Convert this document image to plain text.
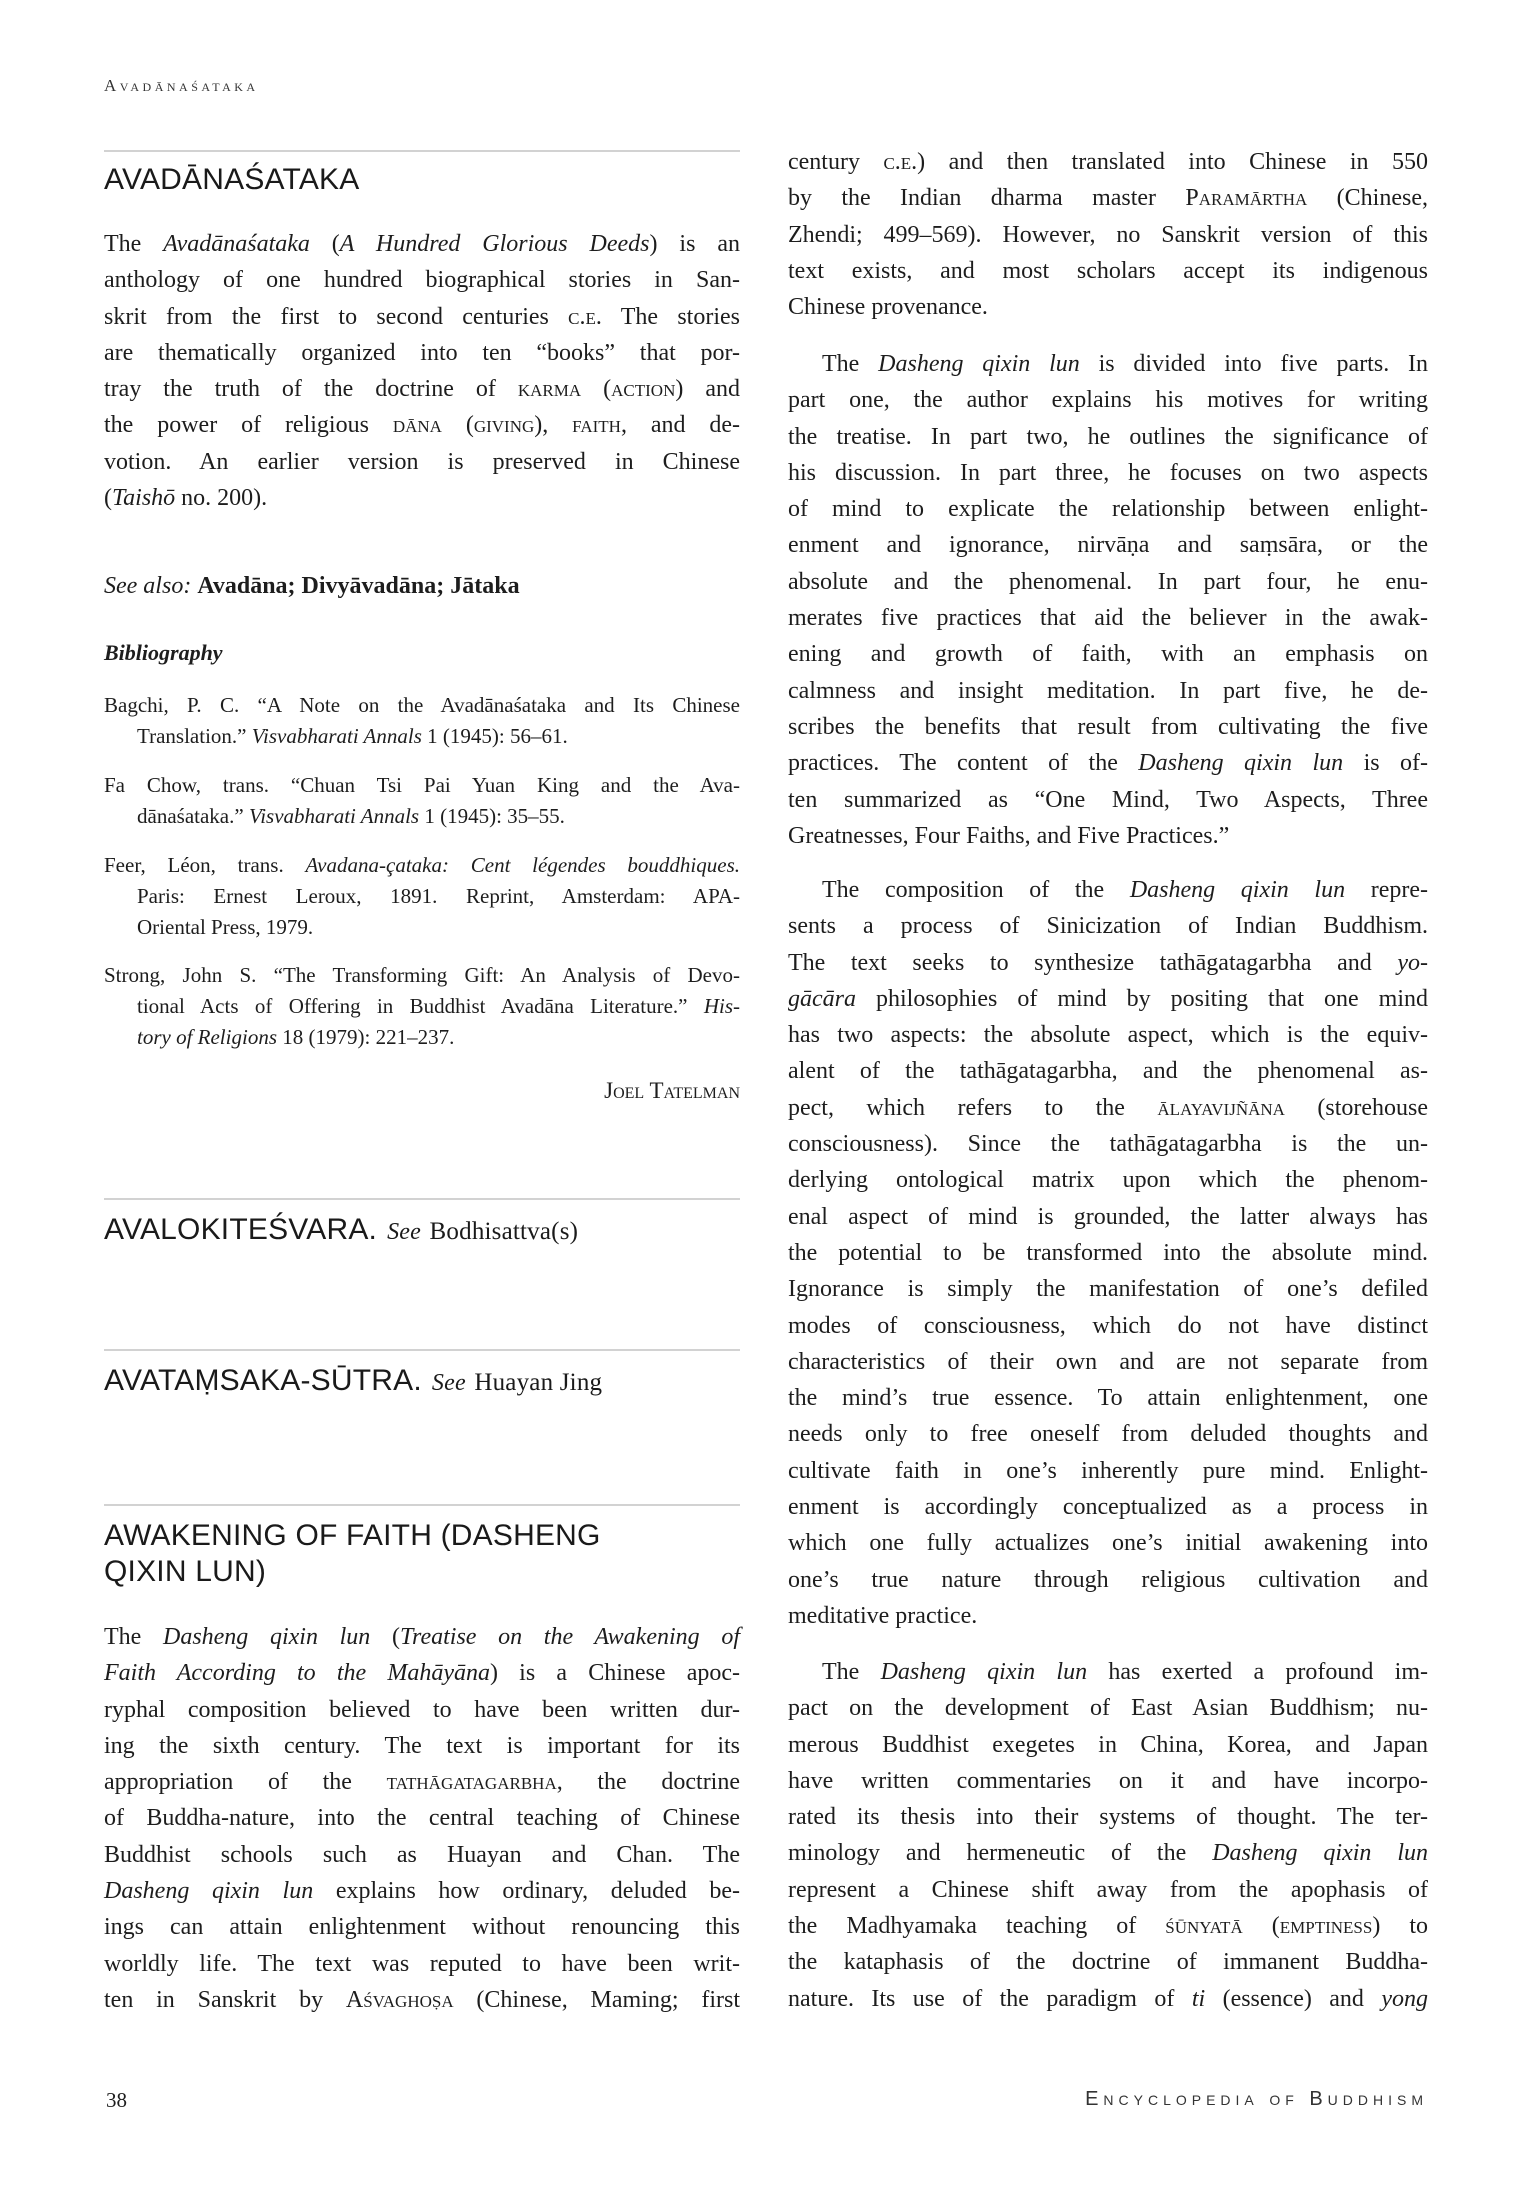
Avadānaśataka
AVADĀNAŚATAKA
The Avadānaśataka (A Hundred Glorious Deeds) is an
anthology of one hundred biographical stories in San-
skrit from the first to second centuries c.e. The stories
are thematically organized into ten “books” that por-
tray the truth of the doctrine of karma (action) and
the power of religious dāna (giving), faith, and de-
votion. An earlier version is preserved in Chinese
(Taishō no. 200).
See also: Avadāna; Divyāvadāna; Jātaka
Bibliography
Bagchi, P. C. “A Note on the Avadānaśataka and Its Chinese
Translation.” Visvabharati Annals 1 (1945): 56–61.
Fa Chow, trans. “Chuan Tsi Pai Yuan King and the Ava-
dānaśataka.” Visvabharati Annals 1 (1945): 35–55.
Feer, Léon, trans. Avadana-çataka: Cent légendes bouddhiques.
Paris: Ernest Leroux, 1891. Reprint, Amsterdam: APA-
Oriental Press, 1979.
Strong, John S. “The Transforming Gift: An Analysis of Devo-
tional Acts of Offering in Buddhist Avadāna Literature.” His-
tory of Religions 18 (1979): 221–237.
Joel Tatelman
AVALOKITEŚVARA. See Bodhisattva(s)
AVATAṂSAKA-SŪTRA. See Huayan Jing
AWAKENING OF FAITH (DASHENG
QIXIN LUN)
The Dasheng qixin lun (Treatise on the Awakening of
Faith According to the Mahāyāna) is a Chinese apoc-
ryphal composition believed to have been written dur-
ing the sixth century. The text is important for its
appropriation of the tathāgatagarbha, the doctrine
of Buddha-nature, into the central teaching of Chinese
Buddhist schools such as Huayan and Chan. The
Dasheng qixin lun explains how ordinary, deluded be-
ings can attain enlightenment without renouncing this
worldly life. The text was reputed to have been writ-
ten in Sanskrit by Aśvaghoṣa (Chinese, Maming; first
century c.e.) and then translated into Chinese in 550
by the Indian dharma master Paramārtha (Chinese,
Zhendi; 499–569). However, no Sanskrit version of this
text exists, and most scholars accept its indigenous
Chinese provenance.
The Dasheng qixin lun is divided into five parts. In
part one, the author explains his motives for writing
the treatise. In part two, he outlines the significance of
his discussion. In part three, he focuses on two aspects
of mind to explicate the relationship between enlight-
enment and ignorance, nirvāṇa and saṃsāra, or the
absolute and the phenomenal. In part four, he enu-
merates five practices that aid the believer in the awak-
ening and growth of faith, with an emphasis on
calmness and insight meditation. In part five, he de-
scribes the benefits that result from cultivating the five
practices. The content of the Dasheng qixin lun is of-
ten summarized as “One Mind, Two Aspects, Three
Greatnesses, Four Faiths, and Five Practices.”
The composition of the Dasheng qixin lun repre-
sents a process of Sinicization of Indian Buddhism.
The text seeks to synthesize tathāgatagarbha and yo-
gācāra philosophies of mind by positing that one mind
has two aspects: the absolute aspect, which is the equiv-
alent of the tathāgatagarbha, and the phenomenal as-
pect, which refers to the ālayavijñāna (storehouse
consciousness). Since the tathāgatagarbha is the un-
derlying ontological matrix upon which the phenom-
enal aspect of mind is grounded, the latter always has
the potential to be transformed into the absolute mind.
Ignorance is simply the manifestation of one’s defiled
modes of consciousness, which do not have distinct
characteristics of their own and are not separate from
the mind’s true essence. To attain enlightenment, one
needs only to free oneself from deluded thoughts and
cultivate faith in one’s inherently pure mind. Enlight-
enment is accordingly conceptualized as a process in
which one fully actualizes one’s initial awakening into
one’s true nature through religious cultivation and
meditative practice.
The Dasheng qixin lun has exerted a profound im-
pact on the development of East Asian Buddhism; nu-
merous Buddhist exegetes in China, Korea, and Japan
have written commentaries on it and have incorpo-
rated its thesis into their systems of thought. The ter-
minology and hermeneutic of the Dasheng qixin lun
represent a Chinese shift away from the apophasis of
the Madhyamaka teaching of śūnyatā (emptiness) to
the kataphasis of the doctrine of immanent Buddha-
nature. Its use of the paradigm of ti (essence) and yong
38	Encyclopedia of Buddhism
